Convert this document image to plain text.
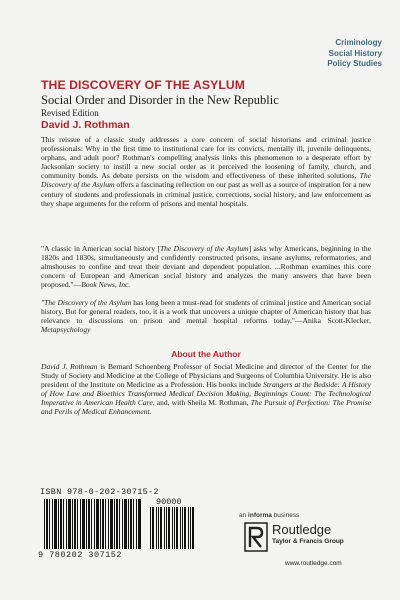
Criminology
Social History
Policy Studies
THE DISCOVERY OF THE ASYLUM
Social Order and Disorder in the New Republic
Revised Edition
David J. Rothman

This reissue of a classic study addresses a core concern of social historians and criminal justice professionals: Why in the first time to institutional care for its convicts, mentally ill, juvenile delinquents, orphans, and adult poor? Rothman's compelling analysis links this phenomenon to a desperate effort by Jacksonian society to instill a new social order as it perceived the loosening of family, church, and community bonds. As debate persists on the wisdom and effectiveness of these inherited solutions, The Discovery of the Asylum offers a fascinating reflection on our past as well as a source of inspiration for a new century of students and professionals in criminal justice, corrections, social history, and law enforcement as they shape arguments for the reform of prisons and mental hospitals.

"A classic in American social history [The Discovery of the Asylum] asks why Americans, beginning in the 1820s and 1830s, simultaneously and confidently constructed prisons, insane asylums, reformatories, and almshouses to confine and treat their deviant and dependent population. ...Rothman examines this core concern of European and American social history and analyzes the many answers that have been proposed."—Book News, Inc.

"The Discovery of the Asylum has long been a must-read for students of criminal justice and American social history. But for general readers, too, it is a work that uncovers a unique chapter of American history that has relevance to discussions on prison and mental hospital reforms today."—Anika Scott-Klecker, Metapsychology

About the Author

David J. Rothman is Bernard Schoenberg Professor of Social Medicine and director of the Center for the Study of Society and Medicine at the College of Physicians and Surgeons of Columbia University. He is also president of the Institute on Medicine as a Profession. His books include Strangers at the Bedside: A History of How Law and Bioethics Transformed Medical Decision Making, Beginnings Count: The Technological Imperative in American Health Care, and, with Sheila M. Rothman, The Pursuit of Perfection: The Promise and Perils of Medical Enhancement.

ISBN 978-0-202-30715-2
90000
9 780202 307152
an informa business
Routledge
Taylor & Francis Group
www.routledge.com
